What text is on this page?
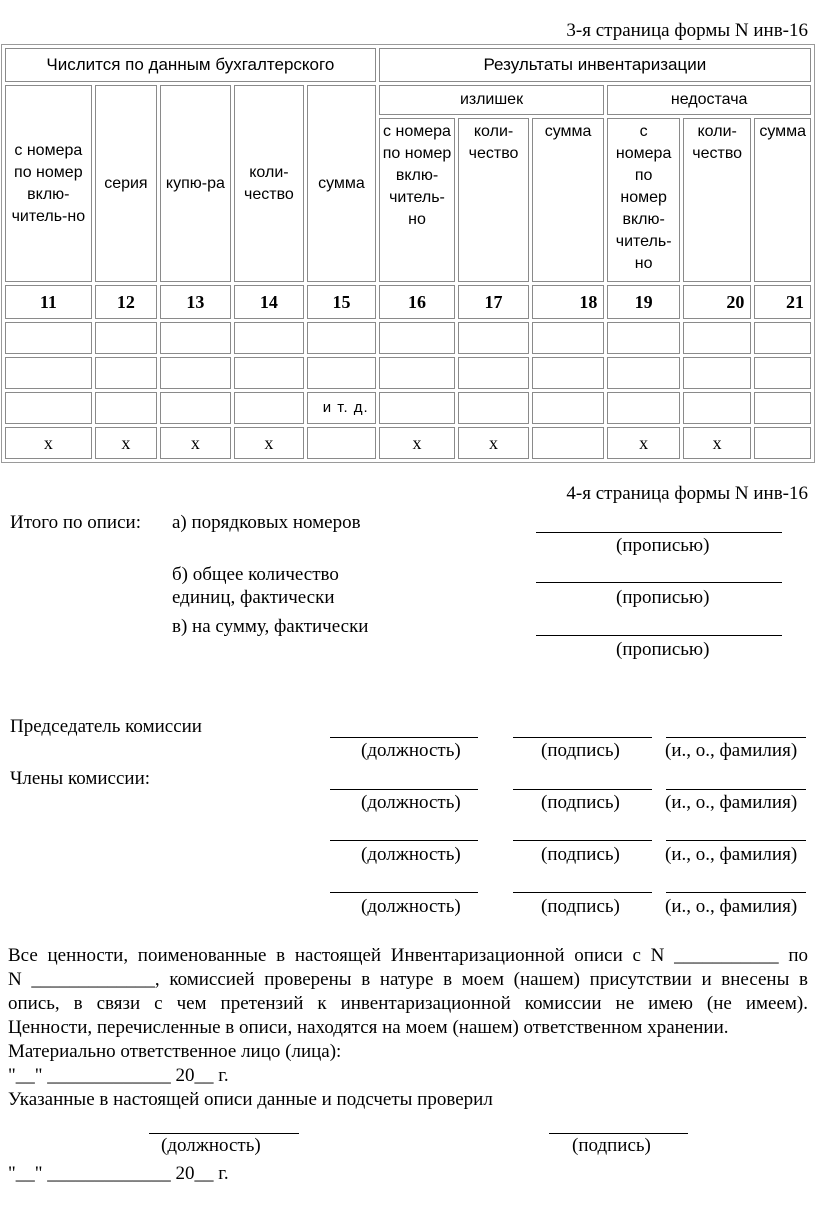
3-я страница формы N инв-16
Числится по данным бухгалтерского					Результаты инвентаризации					
с номера по номер вклю-читель-но	серия	купю-ра	коли-чество	сумма	излишек			недостача		
					с номера по номер вклю-читель-но	коли-чество	сумма	с номера по номер вклю-читель-но	коли-чество	сумма
11	12	13	14	15	16	17	18	19	20	21

				и т. д.						
х	х	х	х		х	х		х	х	
4-я страница формы N инв-16
Итого по описи: а) порядковых номеров
(прописью)
б) общее количество
единиц, фактически	(прописью)
в) на сумму, фактически
(прописью)
Председатель комиссии
(должность)	(подпись) (и., о., фамилия)
Члены комиссии:
(должность)	(подпись) (и., о., фамилия)
(должность)	(подпись) (и., о., фамилия)
(должность)	(подпись) (и., о., фамилия)
Все ценности, поименованные в настоящей Инвентаризационной описи с N ___________ по
N _____________, комиссией проверены в натуре в моем (нашем) присутствии и внесены в
опись, в связи с чем претензий к инвентаризационной комиссии не имею (не имеем).
Ценности, перечисленные в описи, находятся на моем (нашем) ответственном хранении.
Материально ответственное лицо (лица):
"__" _____________ 20__ г.
Указанные в настоящей описи данные и подсчеты проверил
(должность)	(подпись)
"__" _____________ 20__ г.
